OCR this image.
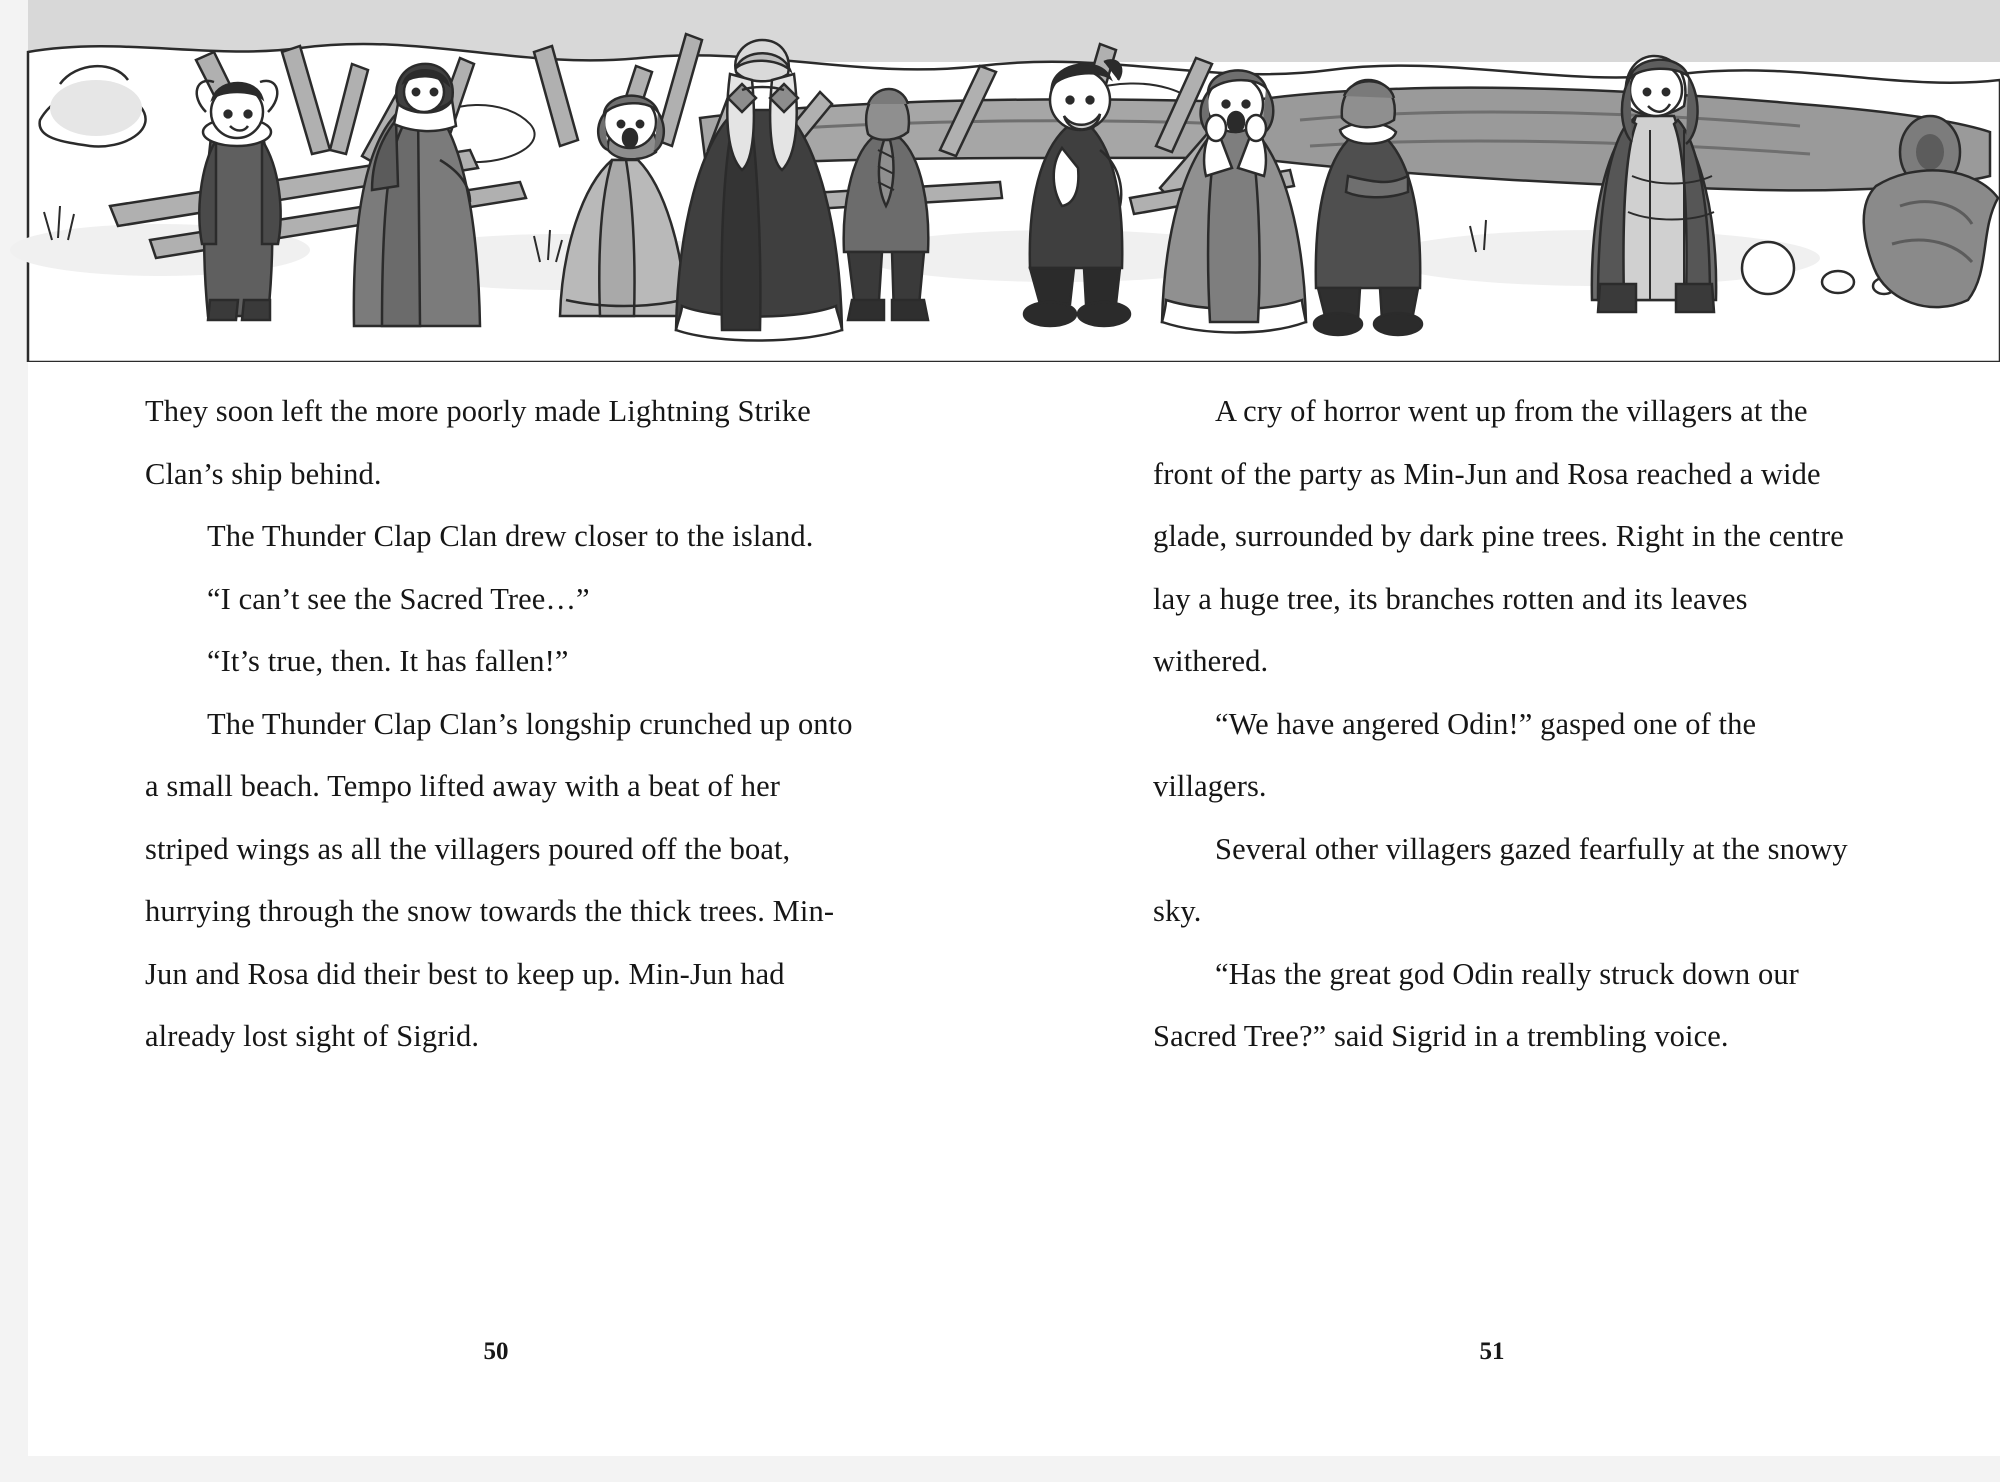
They soon left the more poorly made Lightning Strike Clan’s ship behind.

The Thunder Clap Clan drew closer to the island.

“I can’t see the Sacred Tree…”

“It’s true, then. It has fallen!”

The Thunder Clap Clan’s longship crunched up onto a small beach. Tempo lifted away with a beat of her striped wings as all the villagers poured off the boat, hurrying through the snow towards the thick trees. Min-Jun and Rosa did their best to keep up. Min-Jun had already lost sight of Sigrid.

A cry of horror went up from the villagers at the front of the party as Min-Jun and Rosa reached a wide glade, surrounded by dark pine trees. Right in the centre lay a huge tree, its branches rotten and its leaves withered.

“We have angered Odin!” gasped one of the villagers.

Several other villagers gazed fearfully at the snowy sky.

“Has the great god Odin really struck down our Sacred Tree?” said Sigrid in a trembling voice.

50	51
